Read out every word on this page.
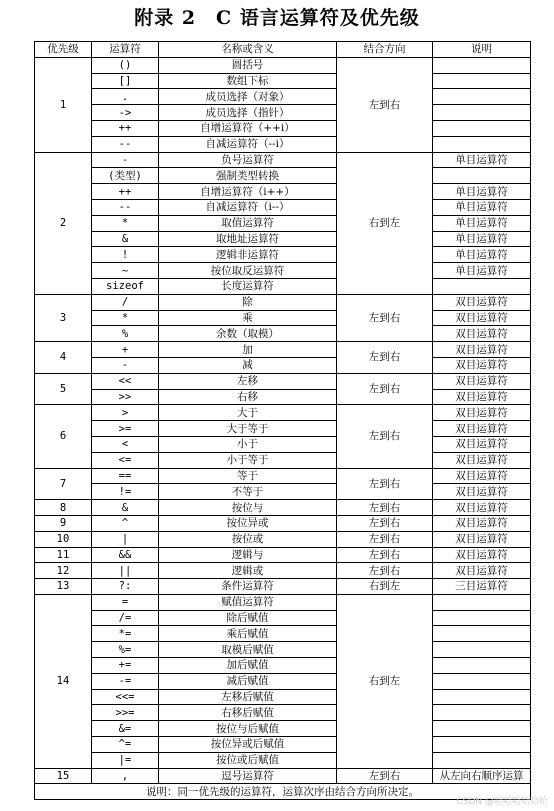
附录 2　C 语言运算符及优先级
优先级	运算符	名称或含义	结合方向	说明
1	()	圆括号	左到右	
	[]	数组下标		
	.	成员选择（对象）		
	->	成员选择（指针）		
	++	自增运算符（++i）		
	--	自减运算符（--i）		
2	-	负号运算符	右到左	单目运算符
	(类型)	强制类型转换		
	++	自增运算符（i++）		单目运算符
	--	自减运算符（i--）		单目运算符
	*	取值运算符		单目运算符
	&	取地址运算符		单目运算符
	!	逻辑非运算符		单目运算符
	~	按位取反运算符		单目运算符
	sizeof	长度运算符		
3	/	除	左到右	双目运算符
	*	乘		双目运算符
	%	余数（取模）		双目运算符
4	+	加	左到右	双目运算符
	-	减		双目运算符
5	<<	左移	左到右	双目运算符
	>>	右移		双目运算符
6	>	大于	左到右	双目运算符
	>=	大于等于		双目运算符
	<	小于		双目运算符
	<=	小于等于		双目运算符
7	==	等于	左到右	双目运算符
	!=	不等于		双目运算符
8	&	按位与	左到右	双目运算符
9	^	按位异或	左到右	双目运算符
10	|	按位或	左到右	双目运算符
11	&&	逻辑与	左到右	双目运算符
12	||	逻辑或	左到右	双目运算符
13	?:	条件运算符	右到左	三目运算符
14	=	赋值运算符	右到左	
	/=	除后赋值		
	*=	乘后赋值		
	%=	取模后赋值		
	+=	加后赋值		
	-=	减后赋值		
	<<=	左移后赋值		
	>>=	右移后赋值		
	&=	按位与后赋值		
	^=	按位异或后赋值		
	|=	按位或后赋值		
15	,	逗号运算符	左到右	从左向右顺序运算
说明：同一优先级的运算符，运算次序由结合方向所决定。				
CSDN @哈哈哈哈哈哈
